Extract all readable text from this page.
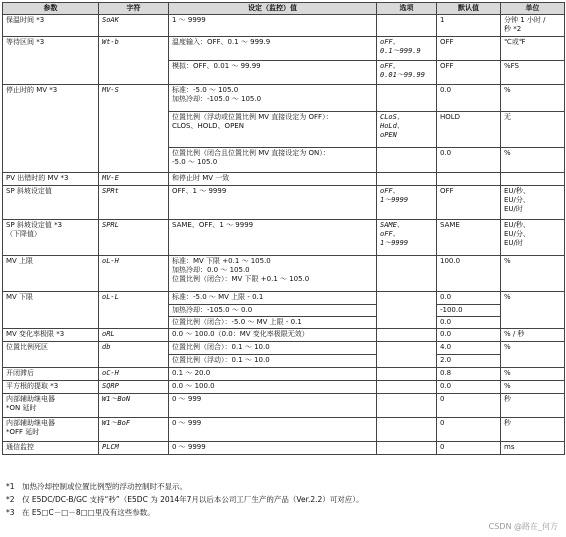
参数	字符	设定（监控）值	选项	默认值	单位
保温时间 *3	SoAK	1 ～ 9999		1	分钟 1 小时 /
秒 *2

等待区间 *3	Wt-b	温度输入：OFF、0.1 ～ 999.9	oFF、
0.1～999.9	OFF	℃或℉

		模拟：OFF、0.01 ～ 99.99	oFF、
0.01～99.99	OFF	%FS
停止时的 MV *3	MV-S	标准：-5.0 ～ 105.0
加热冷却：-105.0 ～ 105.0		0.0	%

		位置比例（浮动或位置比例 MV 直接设定为 OFF）：
CLOS、HOLD、OPEN	CLoS、
HoLd、
oPEN	HOLD	无

		位置比例（闭合且位置比例 MV 直接设定为 ON）：
-5.0 ～ 105.0		0.0	%
PV 出错时的 MV *3	MV-E	和停止时 MV 一致			

SP 斜坡设定值	SPRt	OFF、1 ～ 9999	oFF、
1～9999	OFF	EU/秒、
EU/分、
EU/时

SP 斜坡设定值 *3
（下降值）	SPRL	SAME、OFF、1 ～ 9999	SAME、
oFF、
1～9999	SAME	EU/秒、
EU/分、
EU/时

MV 上限	oL-H	标准：MV 下限 +0.1 ～ 105.0
加热冷却：0.0 ～ 105.0
位置比例（闭合）：MV 下限 +0.1 ～ 105.0		100.0	%
MV 下限	oL-L	标准：-5.0 ～ MV 上限 - 0.1		0.0	%
		加热冷却：-105.0 ～ 0.0		-100.0	
		位置比例（闭合）：-5.0 ～ MV 上限 - 0.1		0.0	
MV 变化率极限 *3	oRL	0.0 ～ 100.0（0.0：MV 变化率极限无效）		0.0	% / 秒
位置比例死区	db	位置比例（闭合）：0.1 ～ 10.0		4.0	%
		位置比例（浮动）：0.1 ～ 10.0		2.0	
开闭滞后	oC-H	0.1 ～ 20.0		0.8	%
平方根的提取 *3	SQRP	0.0 ～ 100.0		0.0	%

内部辅助继电器
*ON 延时	W1～BoN	0 ～ 999		0	秒

内部辅助继电器
*OFF 延时	W1～BoF	0 ～ 999		0	秒
通信监控	PLCM	0 ～ 9999		0	ms
*1　加热冷却控制或位置比例型的浮动控制时不显示。
*2　仅 E5DC/DC-B/GC 支持“秒”（E5DC 为 2014年7月以后本公司工厂生产的产品（Ver.2.2）可对应）。
*3　在 E5□C－□－8□□里没有这些参数。
CSDN @路在_何方
